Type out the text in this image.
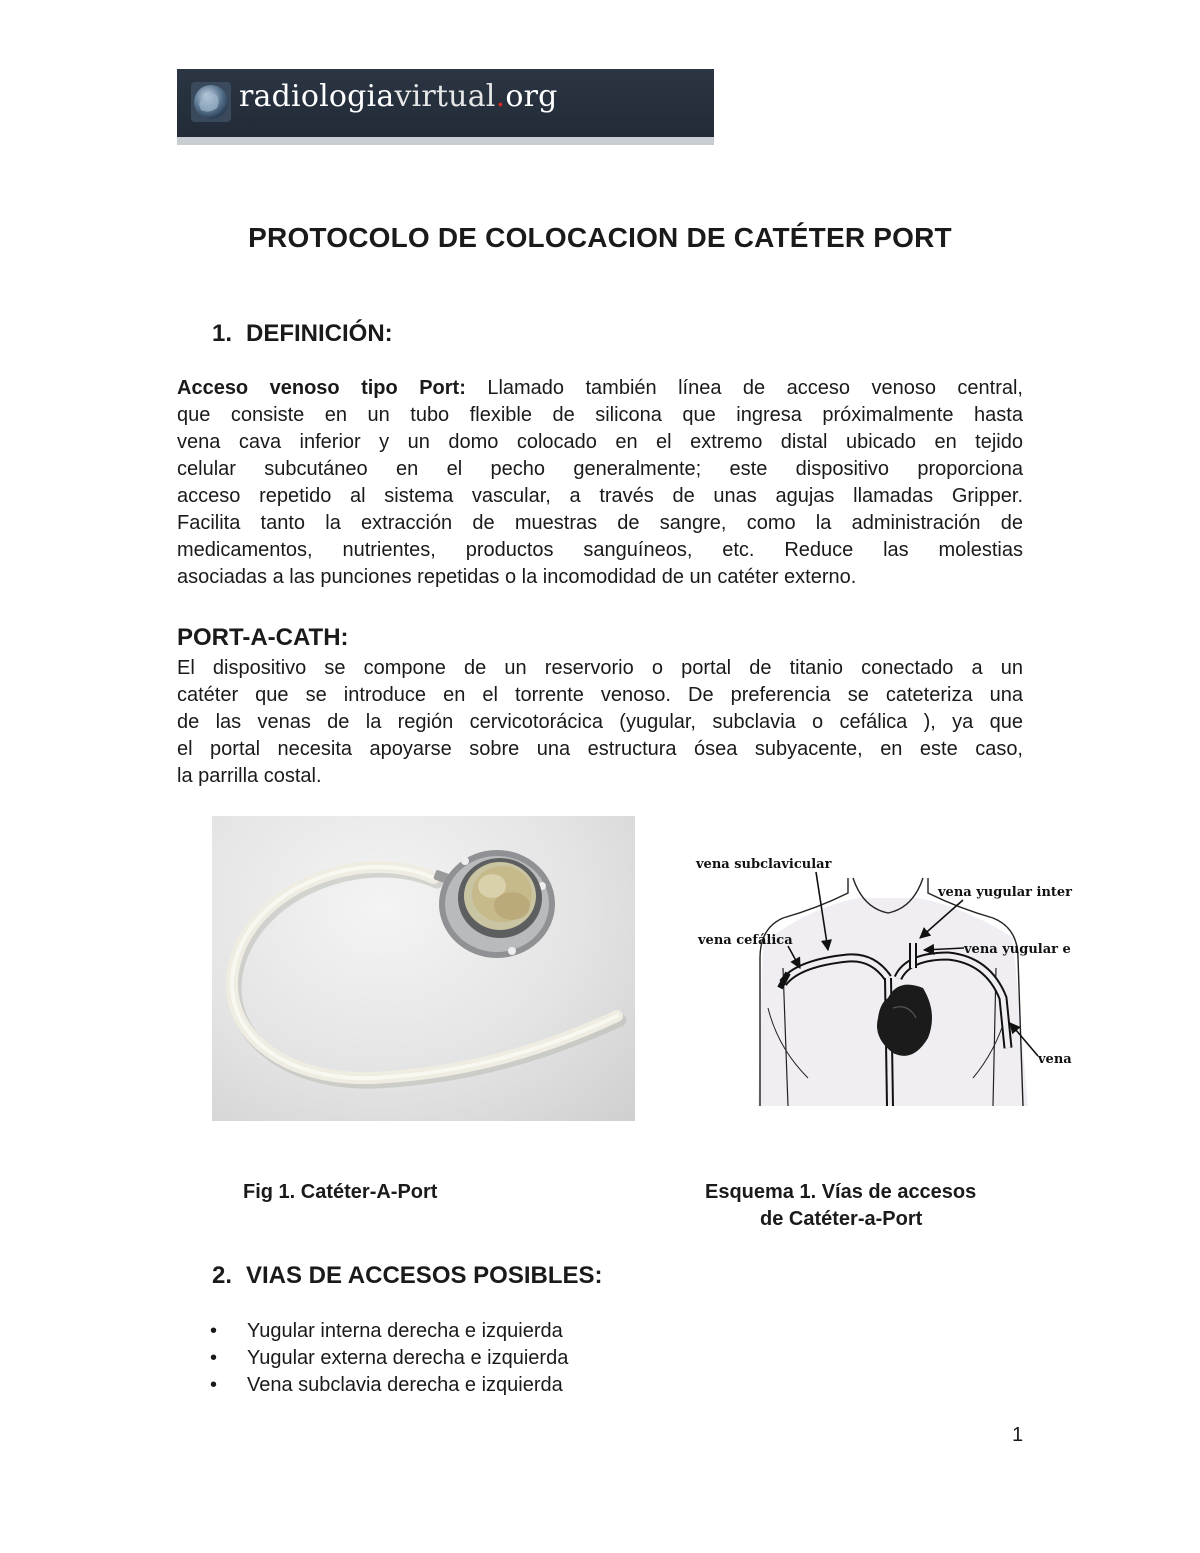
radiologiavirtual.org
PROTOCOLO DE COLOCACION DE CATÉTER PORT
1. DEFINICIÓN:
Acceso venoso tipo Port: Llamado también línea de acceso venoso central,
que consiste en un tubo flexible de silicona que ingresa próximalmente hasta
vena cava inferior y un domo colocado en el extremo distal ubicado en tejido
celular subcutáneo en el pecho generalmente; este dispositivo proporciona
acceso repetido al sistema vascular, a través de unas agujas llamadas Gripper.
Facilita tanto la extracción de muestras de sangre, como la administración de
medicamentos, nutrientes, productos sanguíneos, etc. Reduce las molestias
asociadas a las punciones repetidas o la incomodidad de un catéter externo.
PORT-A-CATH:
El dispositivo se compone de un reservorio o portal de titanio conectado a un
catéter que se introduce en el torrente venoso. De preferencia se cateteriza una
de las venas de la región cervicotorácica (yugular, subclavia o cefálica ), ya que
el portal necesita apoyarse sobre una estructura ósea subyacente, en este caso,
la parrilla costal.
vena subclavicular
vena yugular inter
vena cefálica
vena yugular e
vena
Fig 1. Catéter-A-Port	Esquema 1. Vías de accesos
de Catéter-a-Port
2. VIAS DE ACCESOS POSIBLES:
• Yugular interna derecha e izquierda
• Yugular externa derecha e izquierda
• Vena subclavia derecha e izquierda
1
